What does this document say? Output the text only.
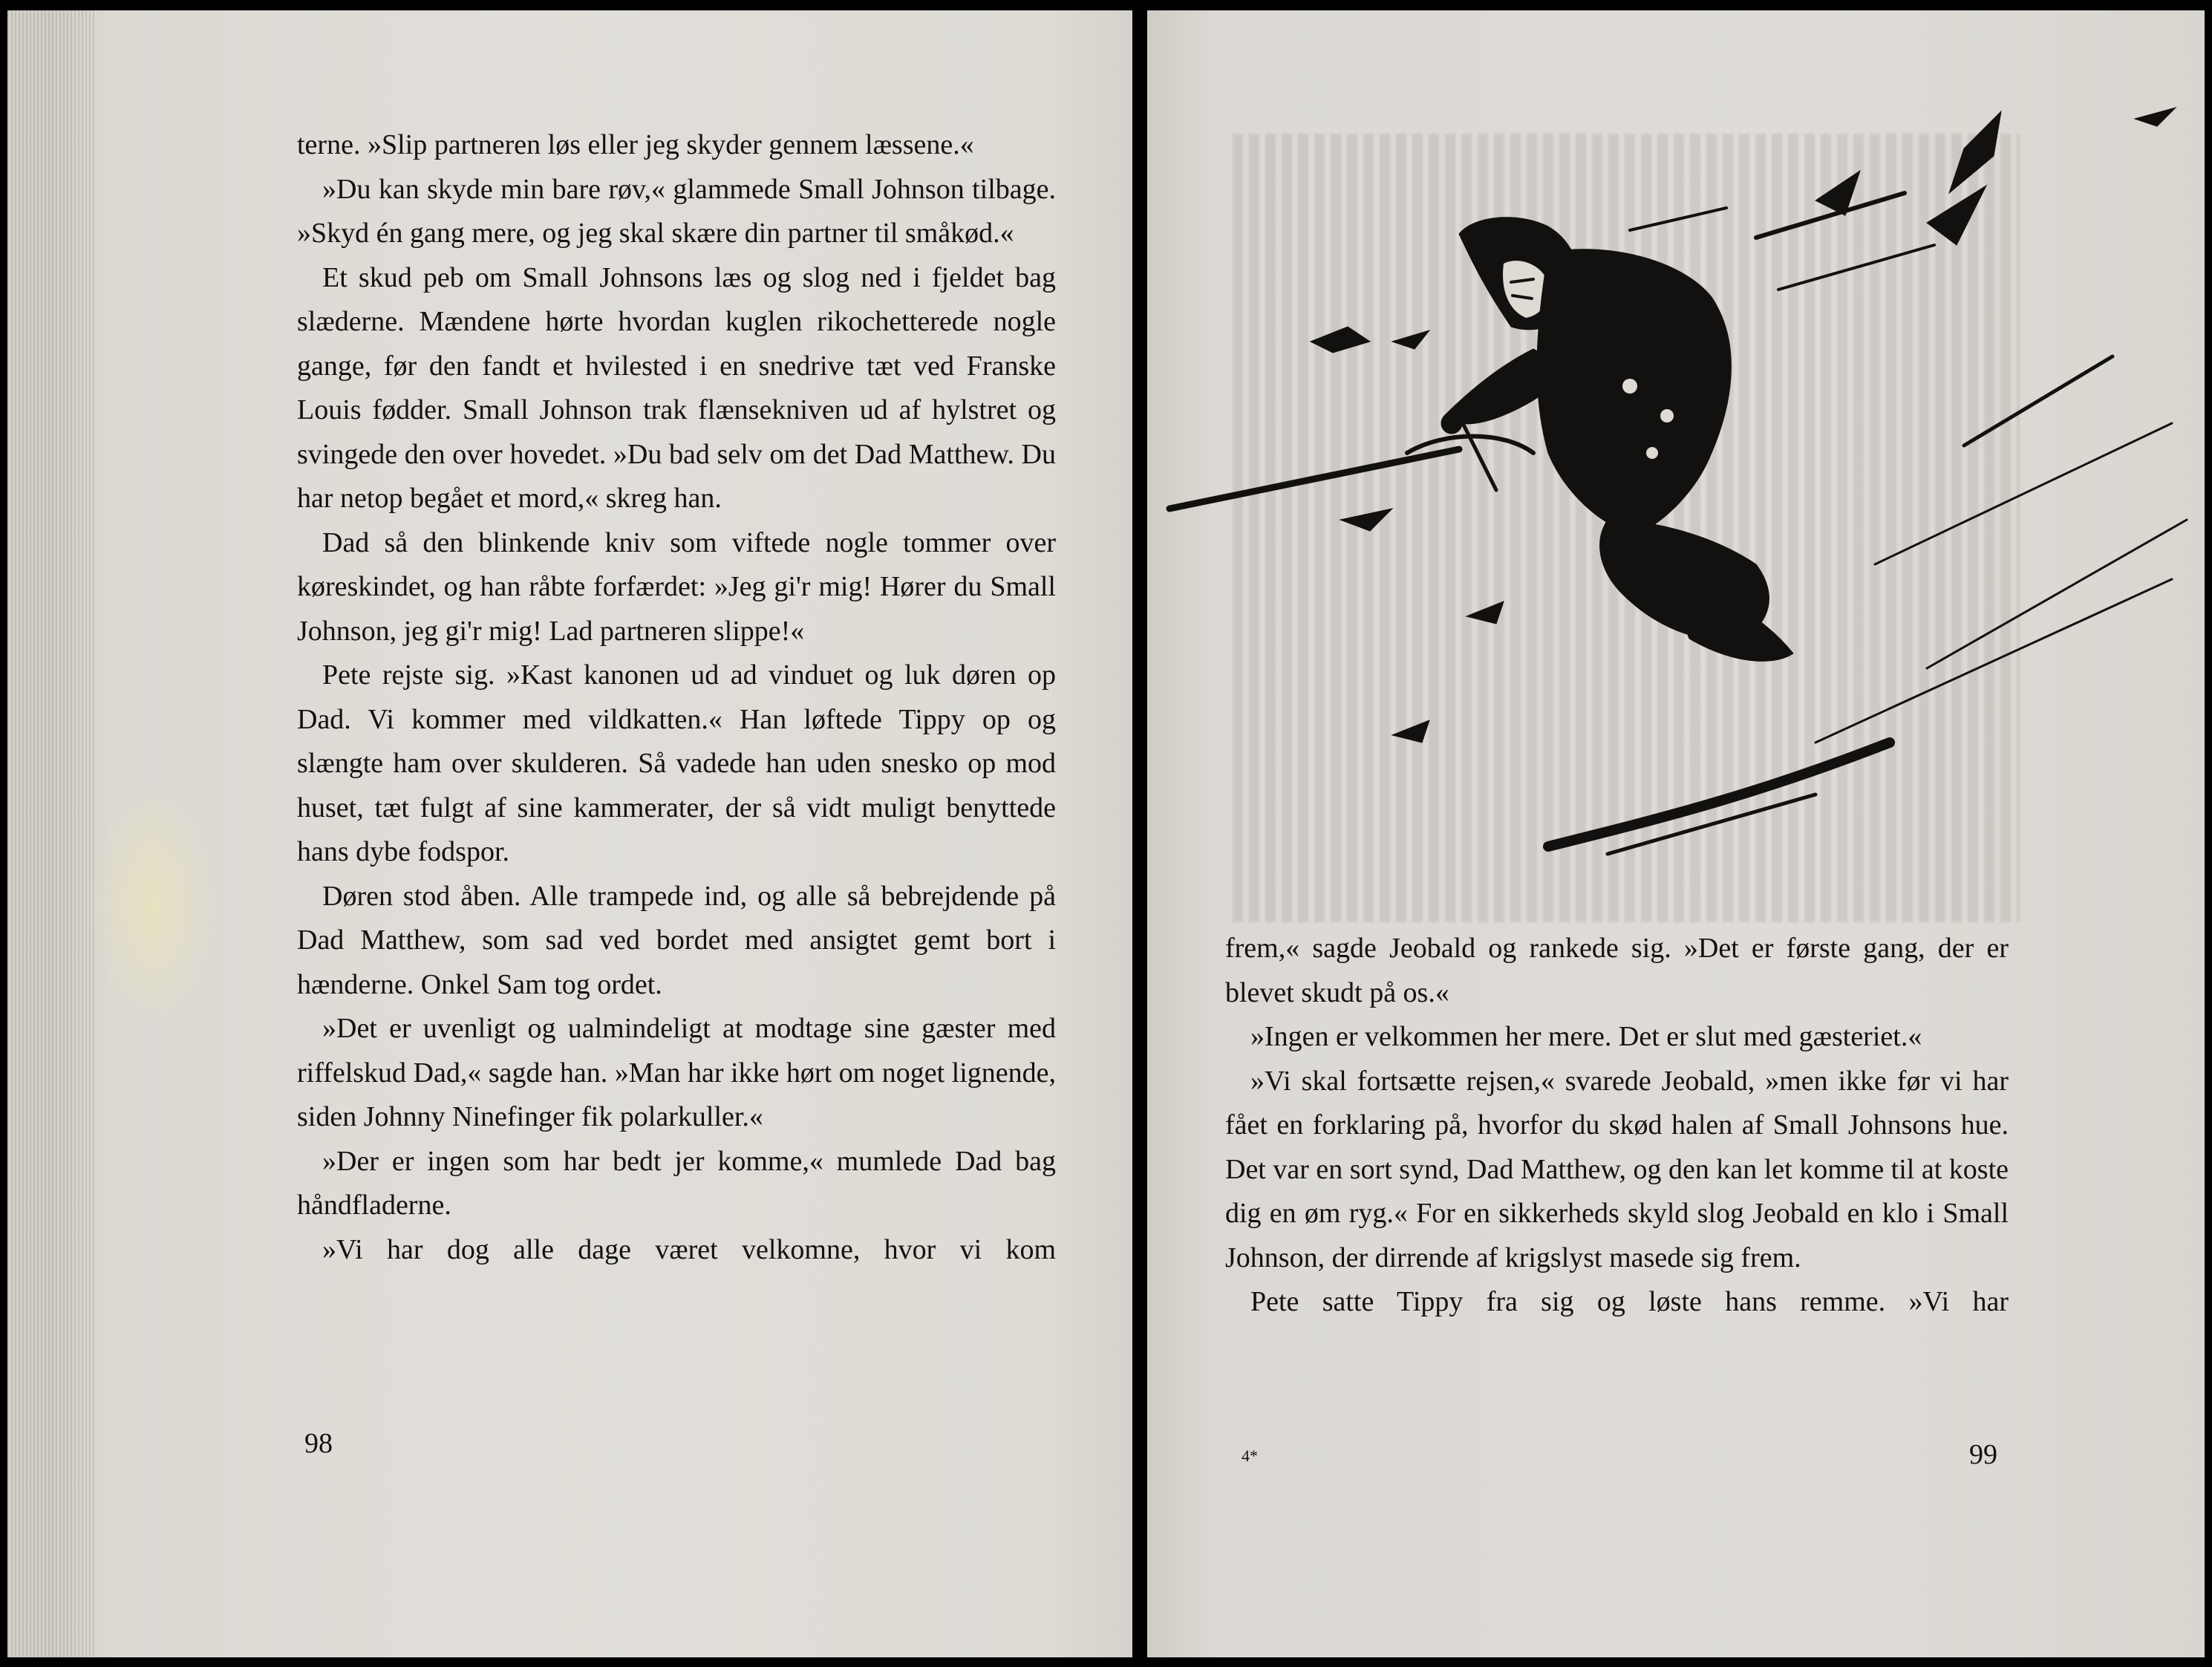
terne. »Slip partneren løs eller jeg skyder gennem læssene.«

»Du kan skyde min bare røv,« glammede Small Johnson tilbage. »Skyd én gang mere, og jeg skal skære din partner til småkød.«

Et skud peb om Small Johnsons læs og slog ned i fjeldet bag slæderne. Mændene hørte hvordan kuglen rikochetterede nogle gange, før den fandt et hvilested i en snedrive tæt ved Franske Louis fødder. Small Johnson trak flænsekniven ud af hylstret og svingede den over hovedet. »Du bad selv om det Dad Matthew. Du har netop begået et mord,« skreg han.

Dad så den blinkende kniv som viftede nogle tommer over køreskindet, og han råbte forfærdet: »Jeg gi'r mig! Hører du Small Johnson, jeg gi'r mig! Lad partneren slippe!«

Pete rejste sig. »Kast kanonen ud ad vinduet og luk døren op Dad. Vi kommer med vildkatten.« Han løftede Tippy op og slængte ham over skulderen. Så vadede han uden snesko op mod huset, tæt fulgt af sine kammerater, der så vidt muligt benyttede hans dybe fodspor.

Døren stod åben. Alle trampede ind, og alle så bebrejdende på Dad Matthew, som sad ved bordet med ansigtet gemt bort i hænderne. Onkel Sam tog ordet.

»Det er uvenligt og ualmindeligt at modtage sine gæster med riffelskud Dad,« sagde han. »Man har ikke hørt om noget lignende, siden Johnny Ninefinger fik polarkuller.«

»Der er ingen som har bedt jer komme,« mumlede Dad bag håndfladerne.

»Vi har dog alle dage været velkomne, hvor vi kom

98

frem,« sagde Jeobald og rankede sig. »Det er første gang, der er blevet skudt på os.«

»Ingen er velkommen her mere. Det er slut med gæsteriet.«

»Vi skal fortsætte rejsen,« svarede Jeobald, »men ikke før vi har fået en forklaring på, hvorfor du skød halen af Small Johnsons hue. Det var en sort synd, Dad Matthew, og den kan let komme til at koste dig en øm ryg.« For en sikkerheds skyld slog Jeobald en klo i Small Johnson, der dirrende af krigslyst masede sig frem.

Pete satte Tippy fra sig og løste hans remme. »Vi har

4*	99
